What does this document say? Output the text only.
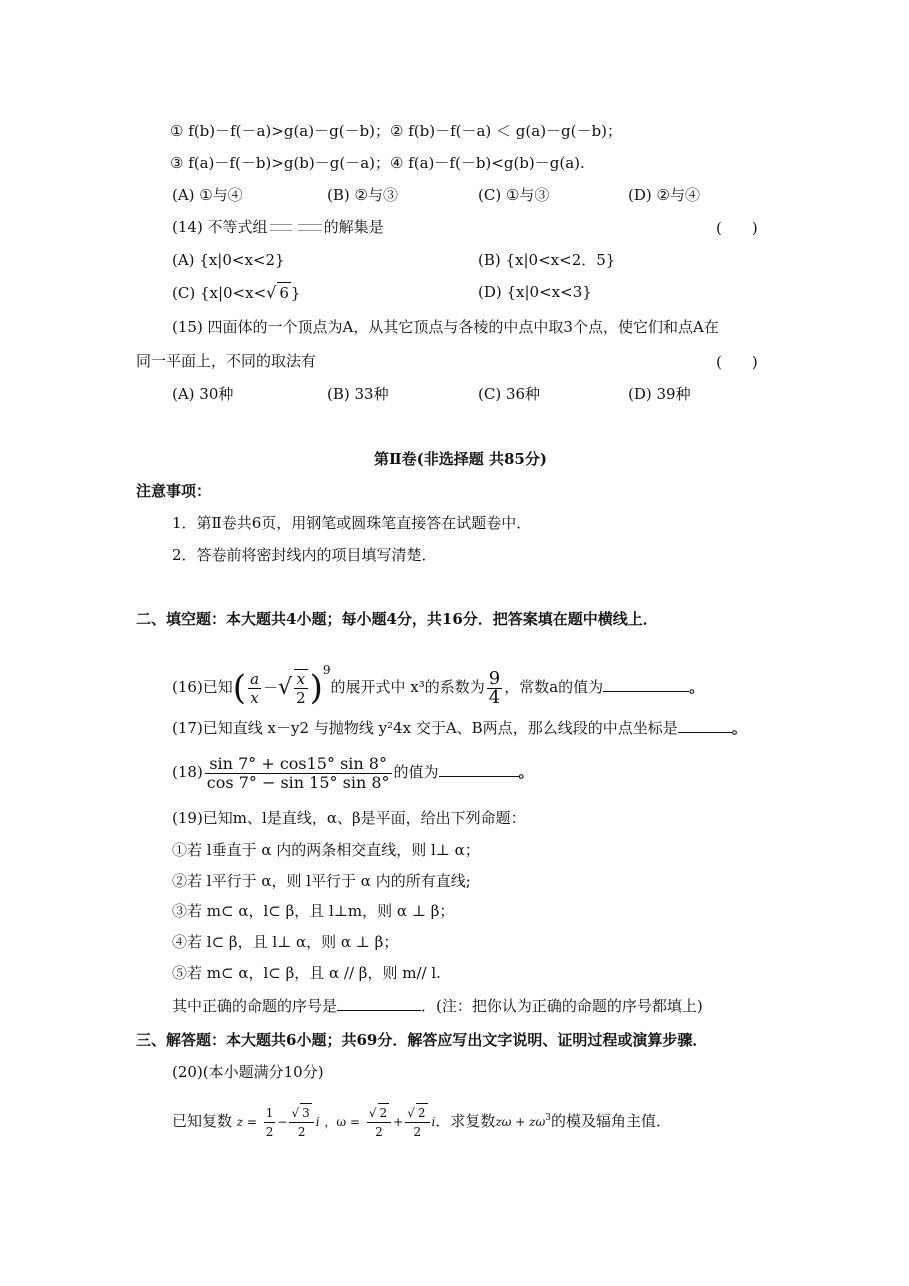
① f(b)－f(－a)>g(a)－g(－b)；② f(b)－f(－a) ＜ g(a)－g(－b)；
③ f(a)－f(－b)>g(b)－g(－a)；④ f(a)－f(－b)<g(b)－g(a).
(A) ①与④	(B) ②与③	(C) ①与③	(D) ②与④
(14) 不等式组	的解集是	(　　)
(A) {x|0<x<2}	(B) {x|0<x<2．5}
(C) {x|0<x<√ 6 }	(D) {x|0<x<3}
(15) 四面体的一个顶点为A，从其它顶点与各棱的中点中取3个点，使它们和点A在
同一平面上，不同的取法有	(　　)
(A) 30种	(B) 33种	(C) 36种	(D) 39种
第Ⅱ卷(非选择题 共85分)
注意事项：
1．第Ⅱ卷共6页，用钢笔或圆珠笔直接答在试题卷中．
2．答卷前将密封线内的项目填写清楚．
二、填空题：本大题共4小题；每小题4分，共16分．把答案填在题中横线上．
(16)已知( $\frac{a}{x}$ －√ $\frac{x}{2} )^9$的展开式中 x³的系数为 $\frac{9}{4}$ ，常数a的值为	。
(17)已知直线 x－y2 与抛物线 y²4x 交于A、B两点，那么线段的中点坐标是	。
$(18) \frac{\sin 7^\circ + \cos 15^\circ \sin 8^\circ}{\cos 7^\circ - \sin 15^\circ \sin 8^\circ}$ 的值为	。
(19)已知m、l是直线，α、β是平面，给出下列命题：
①若 l垂直于 α 内的两条相交直线，则 l⊥ α；
②若 l平行于 α，则 l平行于 α 内的所有直线;
③若 m⊂ α，l⊂ β，且 l⊥m，则 α ⊥ β；
④若 l⊂ β，且 l⊥ α，则 α ⊥ β；
⑤若 m⊂ α，l⊂ β，且 α // β，则 m// l.
其中正确的命题的序号是	．(注：把你认为正确的命题的序号都填上)
三、解答题：本大题共6小题；共69分．解答应写出文字说明、证明过程或演算步骤．
(20)(本小题满分10分)
已知复数 $z = \frac{1}{2} - \frac{√ 3}{2}$ i ，$\omega = \frac{√ 2}{2} + \frac{√ 2}{2}$ i．求复数$z\omega + z\omega^3$的模及辐角主值．
